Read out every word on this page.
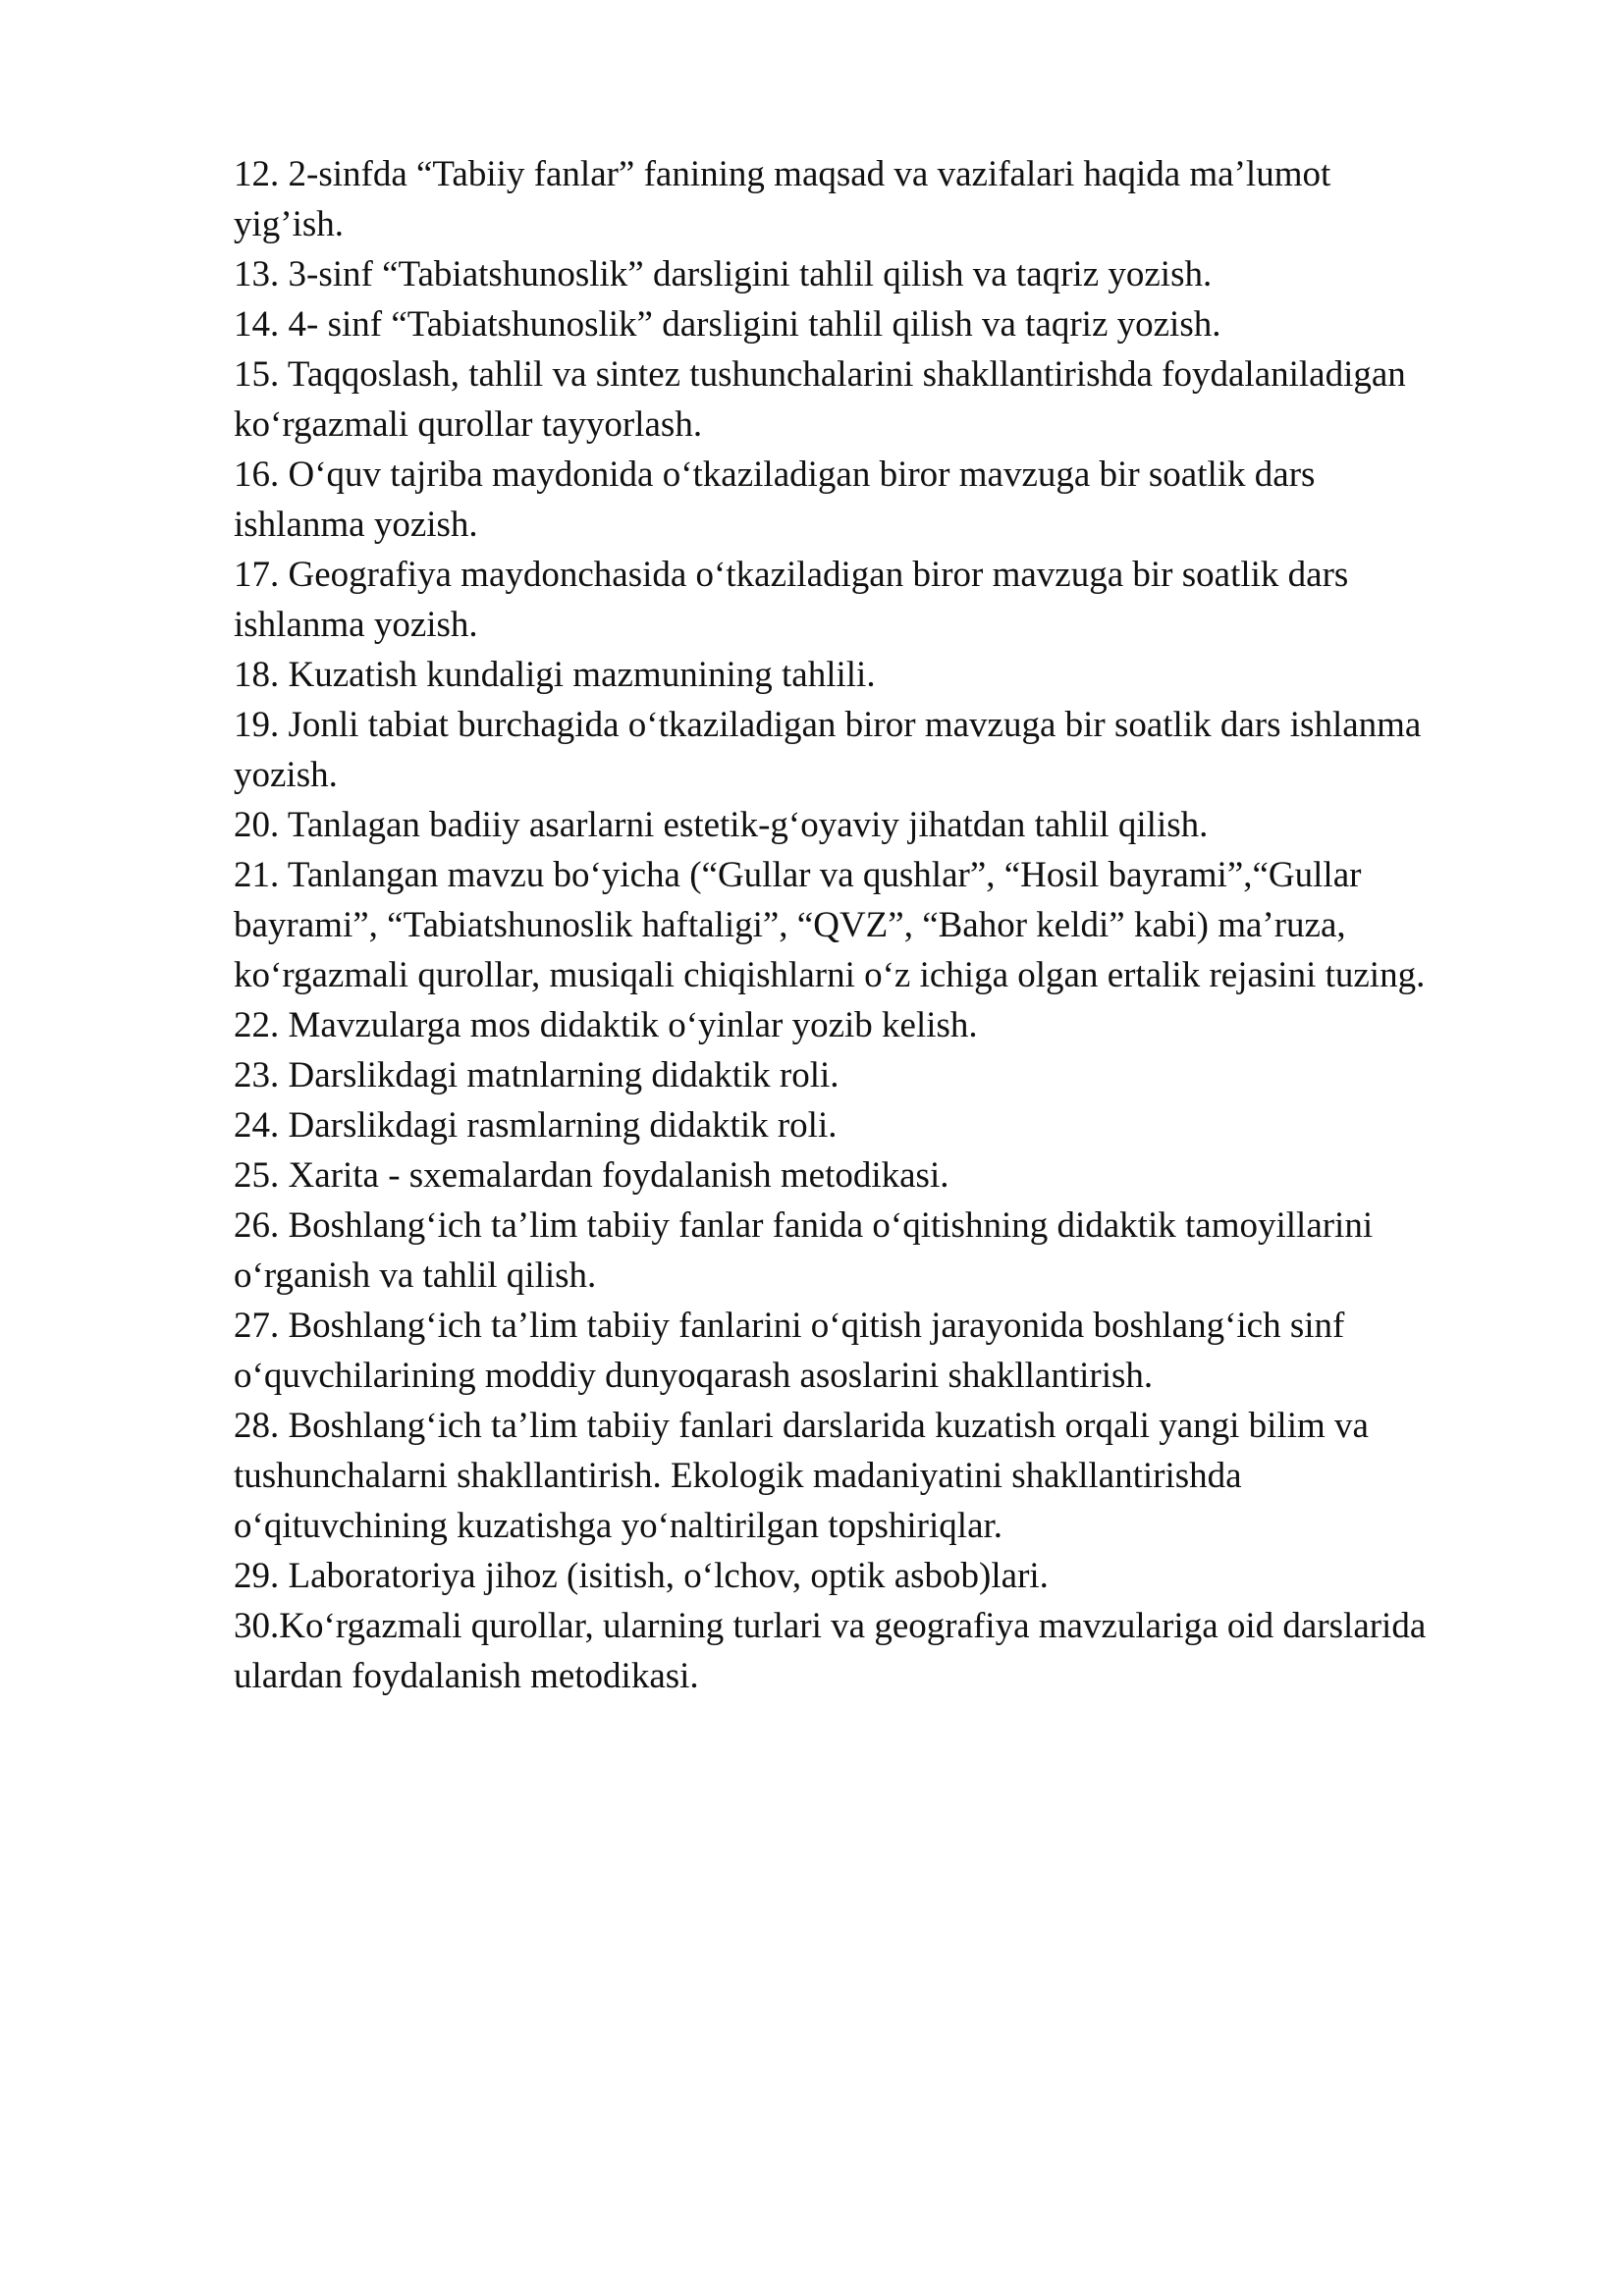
12. 2-sinfda “Tabiiy fanlar” fanining maqsad va vazifalari haqida ma’lumot
yig’ish.
13. 3-sinf “Tabiatshunoslik” darsligini tahlil qilish va taqriz yozish.
14. 4- sinf “Tabiatshunoslik” darsligini tahlil qilish va taqriz yozish.
15. Taqqoslash, tahlil va sintez tushunchalarini shakllantirishda foydalaniladigan
ko‘rgazmali qurollar tayyorlash.
16. O‘quv tajriba maydonida o‘tkaziladigan biror mavzuga bir soatlik dars
ishlanma yozish.
17. Geografiya maydonchasida o‘tkaziladigan biror mavzuga bir soatlik dars
ishlanma yozish.
18. Kuzatish kundaligi mazmunining tahlili.
19. Jonli tabiat burchagida o‘tkaziladigan biror mavzuga bir soatlik dars ishlanma
yozish.
20. Tanlagan badiiy asarlarni estetik-g‘oyaviy jihatdan tahlil qilish.
21. Tanlangan mavzu bo‘yicha (“Gullar va qushlar”, “Hosil bayrami”,“Gullar
bayrami”, “Tabiatshunoslik haftaligi”, “QVZ”, “Bahor keldi” kabi) ma’ruza,
ko‘rgazmali qurollar, musiqali chiqishlarni o‘z ichiga olgan ertalik rejasini tuzing.
22. Mavzularga mos didaktik o‘yinlar yozib kelish.
23. Darslikdagi matnlarning didaktik roli.
24. Darslikdagi rasmlarning didaktik roli.
25. Xarita - sxemalardan foydalanish metodikasi.
26. Boshlang‘ich ta’lim tabiiy fanlar fanida o‘qitishning didaktik tamoyillarini
o‘rganish va tahlil qilish.
27. Boshlang‘ich ta’lim tabiiy fanlarini o‘qitish jarayonida boshlang‘ich sinf
o‘quvchilarining moddiy dunyoqarash asoslarini shakllantirish.
28. Boshlang‘ich ta’lim tabiiy fanlari darslarida kuzatish orqali yangi bilim va
tushunchalarni shakllantirish. Ekologik madaniyatini shakllantirishda
o‘qituvchining kuzatishga yo‘naltirilgan topshiriqlar.
29. Laboratoriya jihoz (isitish, o‘lchov, optik asbob)lari.
30.Ko‘rgazmali qurollar, ularning turlari va geografiya mavzulariga oid darslarida
ulardan foydalanish metodikasi.
